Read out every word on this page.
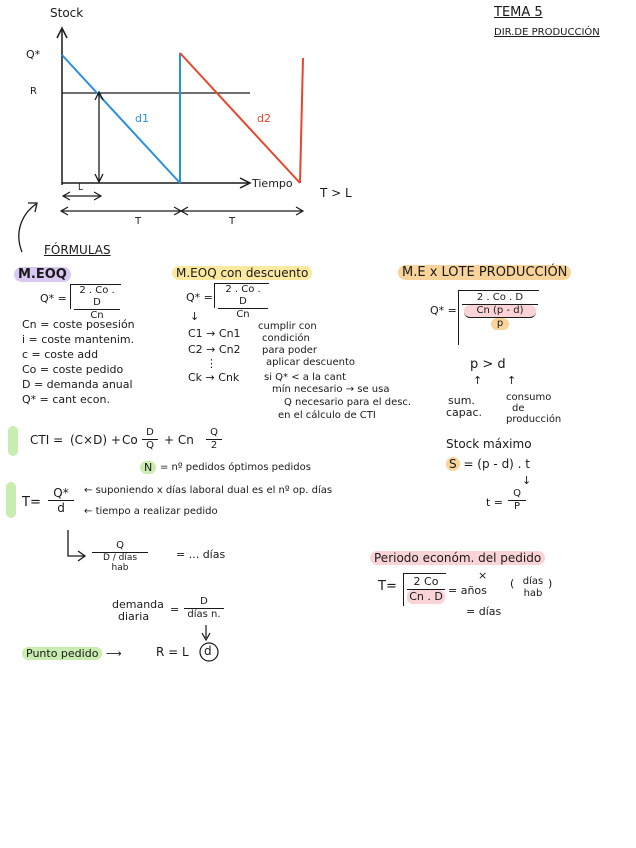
TEMA 5
DIR.DE PRODUCCIÓN
Stock
Q*
R
d1	d2
Tiempo
L
T	T
T > L
FÓRMULAS
M.EOQ
$Q* = \frac{2 . Co . D}{Cn}$
Cn = coste posesión
i = coste mantenim.
c = coste add
Co = coste pedido
D = demanda anual
Q* = cant econ.
M.EOQ con descuento
$Q* = \frac{2 . Co . D}{Cn}$
↓
C1 → Cn1
C2 → Cn2
⋮
Ck → Cnk
cumplir con
condición
para poder
aplicar descuento
si Q* < a la cant
mín necesario → se usa
Q necesario para el desc.
en el cálculo de CTI
M.E x LOTE PRODUCCIÓN
Q* = 2 . Co . D
Cn (p - d)
p
p > d
↑ ↑
sum.
capac.
consumo
de
producción
Stock máximo
S = (p - d) . t
↓
$t = \frac{Q}{P}$
CTI = (C×D) + Co $\frac{D}{Q} + Cn \frac{Q}{2}$
N = nº pedidos óptimos pedidos
$T= \frac{Q*}{d}$ ← suponiendo x días laboral dual es el nº op. días
← tiempo a realizar pedido
Q
D / días
hab
= ... días
demanda
diaria
=
D
días n.
Punto pedido ⟶	R = L d
Periodo económ. del pedido
$T= \frac{2 Co}{Cn . D}$	×
= años
( días
hab
)
= días
